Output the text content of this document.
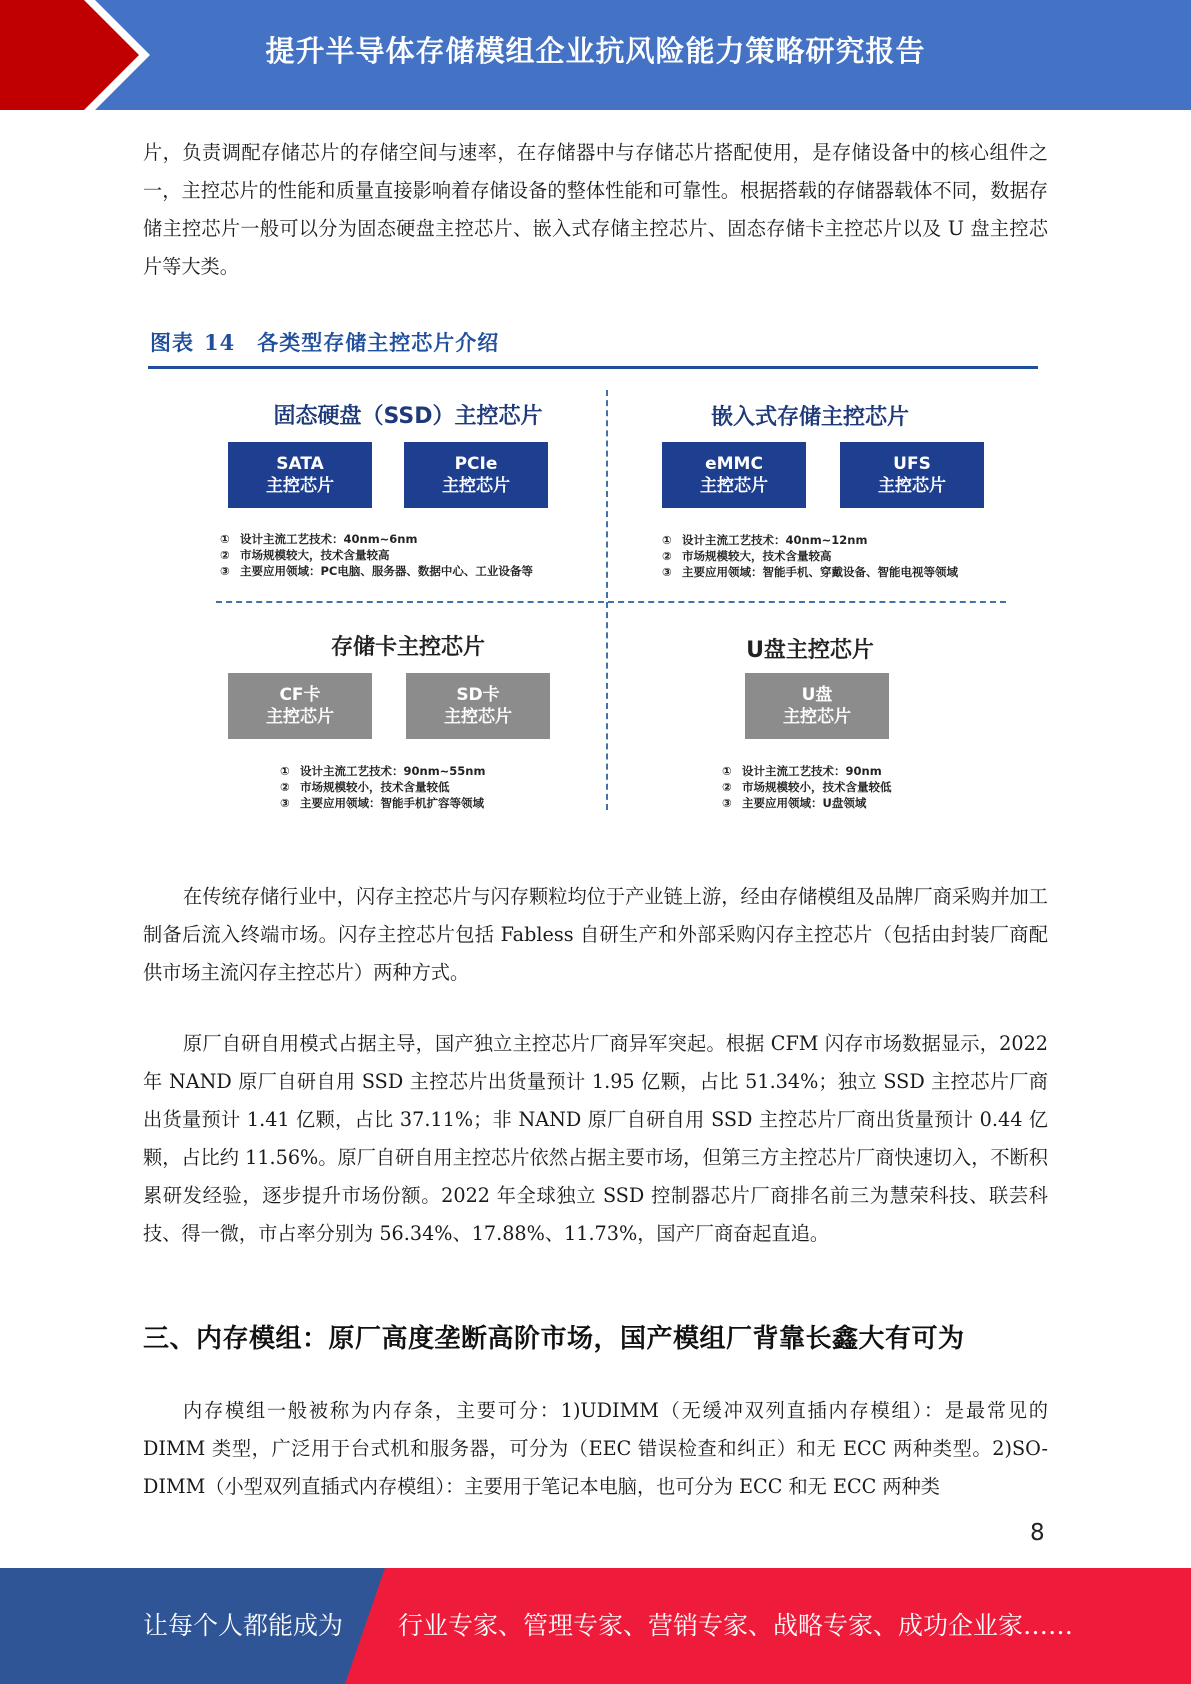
提升半导体存储模组企业抗风险能力策略研究报告

片，负责调配存储芯片的存储空间与速率，在存储器中与存储芯片搭配使用，是存储设备中的核心组件之一，主控芯片的性能和质量直接影响着存储设备的整体性能和可靠性。根据搭载的存储器载体不同，数据存储主控芯片一般可以分为固态硬盘主控芯片、嵌入式存储主控芯片、固态存储卡主控芯片以及 U 盘主控芯片等大类。

图表 14 各类型存储主控芯片介绍
固态硬盘（SSD）主控芯片
SATA
主控芯片
PCIe
主控芯片
① 设计主流工艺技术：40nm~6nm
② 市场规模较大，技术含量较高
③ 主要应用领域：PC电脑、服务器、数据中心、工业设备等
嵌入式存储主控芯片
eMMC
主控芯片
UFS
主控芯片
① 设计主流工艺技术：40nm~12nm
② 市场规模较大，技术含量较高
③ 主要应用领域：智能手机、穿戴设备、智能电视等领域
存储卡主控芯片
CF卡
主控芯片
SD卡
主控芯片
① 设计主流工艺技术：90nm~55nm
② 市场规模较小，技术含量较低
③ 主要应用领域：智能手机扩容等领域
U盘主控芯片
U盘
主控芯片
① 设计主流工艺技术：90nm
② 市场规模较小，技术含量较低
③ 主要应用领域：U盘领域

在传统存储行业中，闪存主控芯片与闪存颗粒均位于产业链上游，经由存储模组及品牌厂商采购并加工制备后流入终端市场。闪存主控芯片包括 Fabless 自研生产和外部采购闪存主控芯片（包括由封装厂商配供市场主流闪存主控芯片）两种方式。

原厂自研自用模式占据主导，国产独立主控芯片厂商异军突起。根据 CFM 闪存市场数据显示，2022 年 NAND 原厂自研自用 SSD 主控芯片出货量预计 1.95 亿颗，占比 51.34%；独立 SSD 主控芯片厂商出货量预计 1.41 亿颗，占比 37.11%；非 NAND 原厂自研自用 SSD 主控芯片厂商出货量预计 0.44 亿颗，占比约 11.56%。原厂自研自用主控芯片依然占据主要市场，但第三方主控芯片厂商快速切入，不断积累研发经验，逐步提升市场份额。2022 年全球独立 SSD 控制器芯片厂商排名前三为慧荣科技、联芸科技、得一微，市占率分别为 56.34%、17.88%、11.73%，国产厂商奋起直追。

三、内存模组：原厂高度垄断高阶市场，国产模组厂背靠长鑫大有可为

内存模组一般被称为内存条，主要可分：1)UDIMM（无缓冲双列直插内存模组）：是最常见的 DIMM 类型，广泛用于台式机和服务器，可分为（EEC 错误检查和纠正）和无 ECC 两种类型。2)SO-DIMM（小型双列直插式内存模组）：主要用于笔记本电脑，也可分为 ECC 和无 ECC 两种类

8
让每个人都能成为 行业专家、管理专家、营销专家、战略专家、成功企业家……
